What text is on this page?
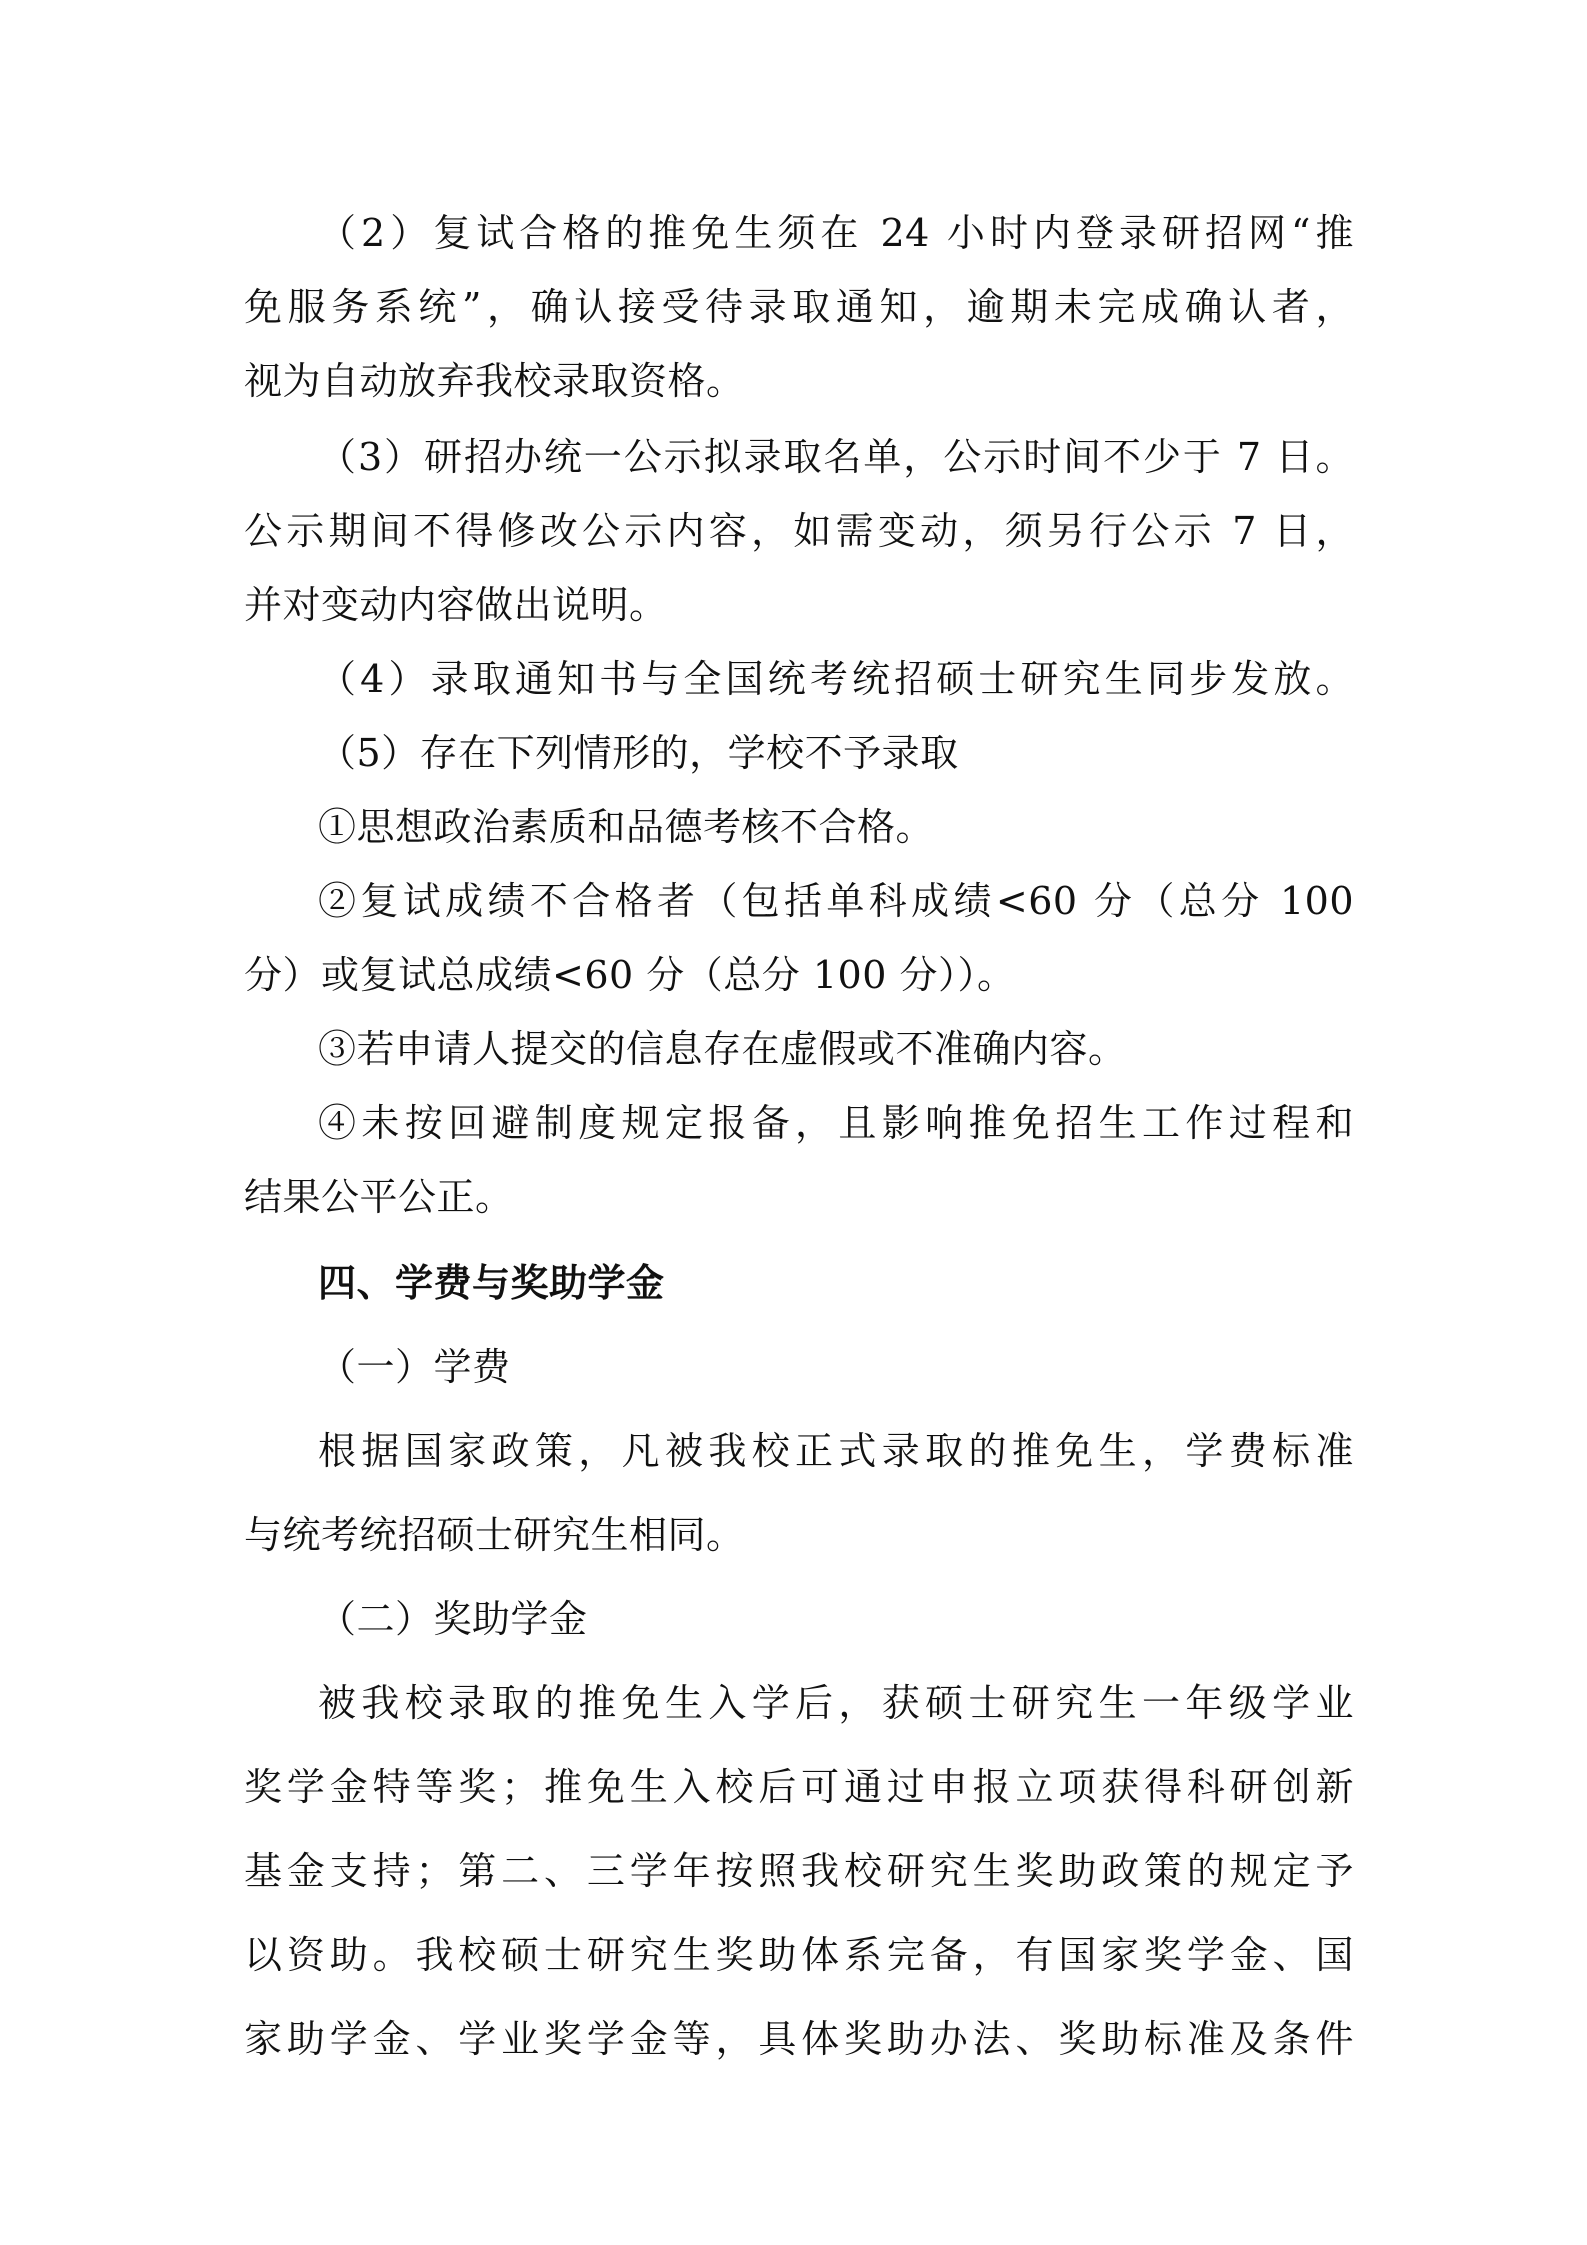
（2）复试合格的推免生须在 24 小时内登录研招网“推
免服务系统”，确认接受待录取通知，逾期未完成确认者，
视为自动放弃我校录取资格。
（3）研招办统一公示拟录取名单，公示时间不少于 7 日。
公示期间不得修改公示内容，如需变动，须另行公示 7 日，
并对变动内容做出说明。
（4）录取通知书与全国统考统招硕士研究生同步发放。
（5）存在下列情形的，学校不予录取
①思想政治素质和品德考核不合格。
②复试成绩不合格者（包括单科成绩<60 分（总分 100
分）或复试总成绩<60 分（总分 100 分））。
③若申请人提交的信息存在虚假或不准确内容。
④未按回避制度规定报备，且影响推免招生工作过程和
结果公平公正。
四、学费与奖助学金
（一）学费
根据国家政策，凡被我校正式录取的推免生，学费标准
与统考统招硕士研究生相同。
（二）奖助学金
被我校录取的推免生入学后，获硕士研究生一年级学业
奖学金特等奖；推免生入校后可通过申报立项获得科研创新
基金支持；第二、三学年按照我校研究生奖助政策的规定予
以资助。我校硕士研究生奖助体系完备，有国家奖学金、国
家助学金、学业奖学金等，具体奖助办法、奖助标准及条件
